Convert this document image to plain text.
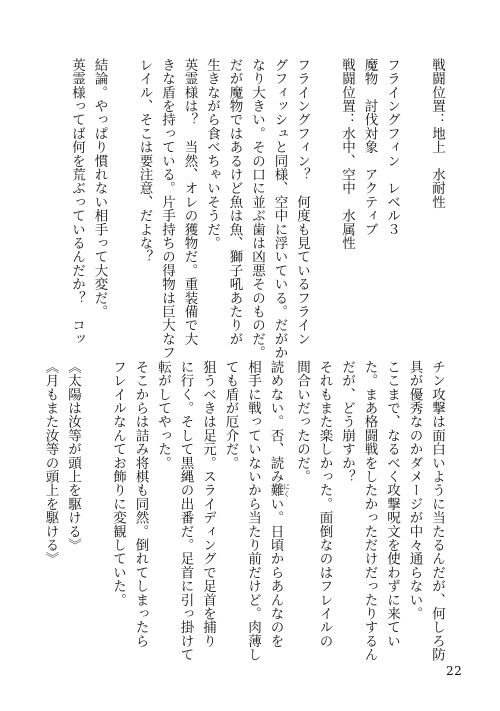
戦闘位置：地上　水耐性

フライングフィン　レベル３

魔物　討伐対象　アクティブ

戦闘位置：水中、空中　水属性

フライングフィン？　何度も見ているフライン

グフィッシュと同様、空中に浮いている。だがか

なり大きい。その口に並ぶ歯は凶悪そのものだ。

だが魔物ではあるけど魚は魚、獅子吼あたりが

生きながら食べちゃいそうだ。

英霊様は？　当然、オレの獲物だ。重装備で大

きな盾を持っている。片手持ちの得物は巨大なフ

レイル、そこは要注意、だよな？

結論。やっぱり慣れない相手って大変だ。

英霊様ってば何を荒ぶっているんだか？　コッ

チン攻撃は面白いように当たるんだが、何しろ防

具が優秀なのかダメージが中々通らない。

ここまで、なるべく攻撃呪文を使わずに来てい

た。まあ格闘戦をしたかっただけだったりするん

だが、どう崩すか？

それもまた楽しかった。面倒なのはフレイルの

間合いだったのだ。

読めない。否、読み難 にくい。日頃からあんなのを

相手に戦っていないから当たり前だけど。肉薄し

ても盾が厄介だ。

狙うべきは足元。スライディングで足首を捕り

に行く。そして黒縄の出番だ。足首に引っ掛けて

転がしてやった。

そこからは詰み将棋も同然。倒れてしまったら

フレイルなんてお飾りに変観していた。

《太陽は汝等が頭上を駆ける》

《月もまた汝等の頭上を駆ける》

22
